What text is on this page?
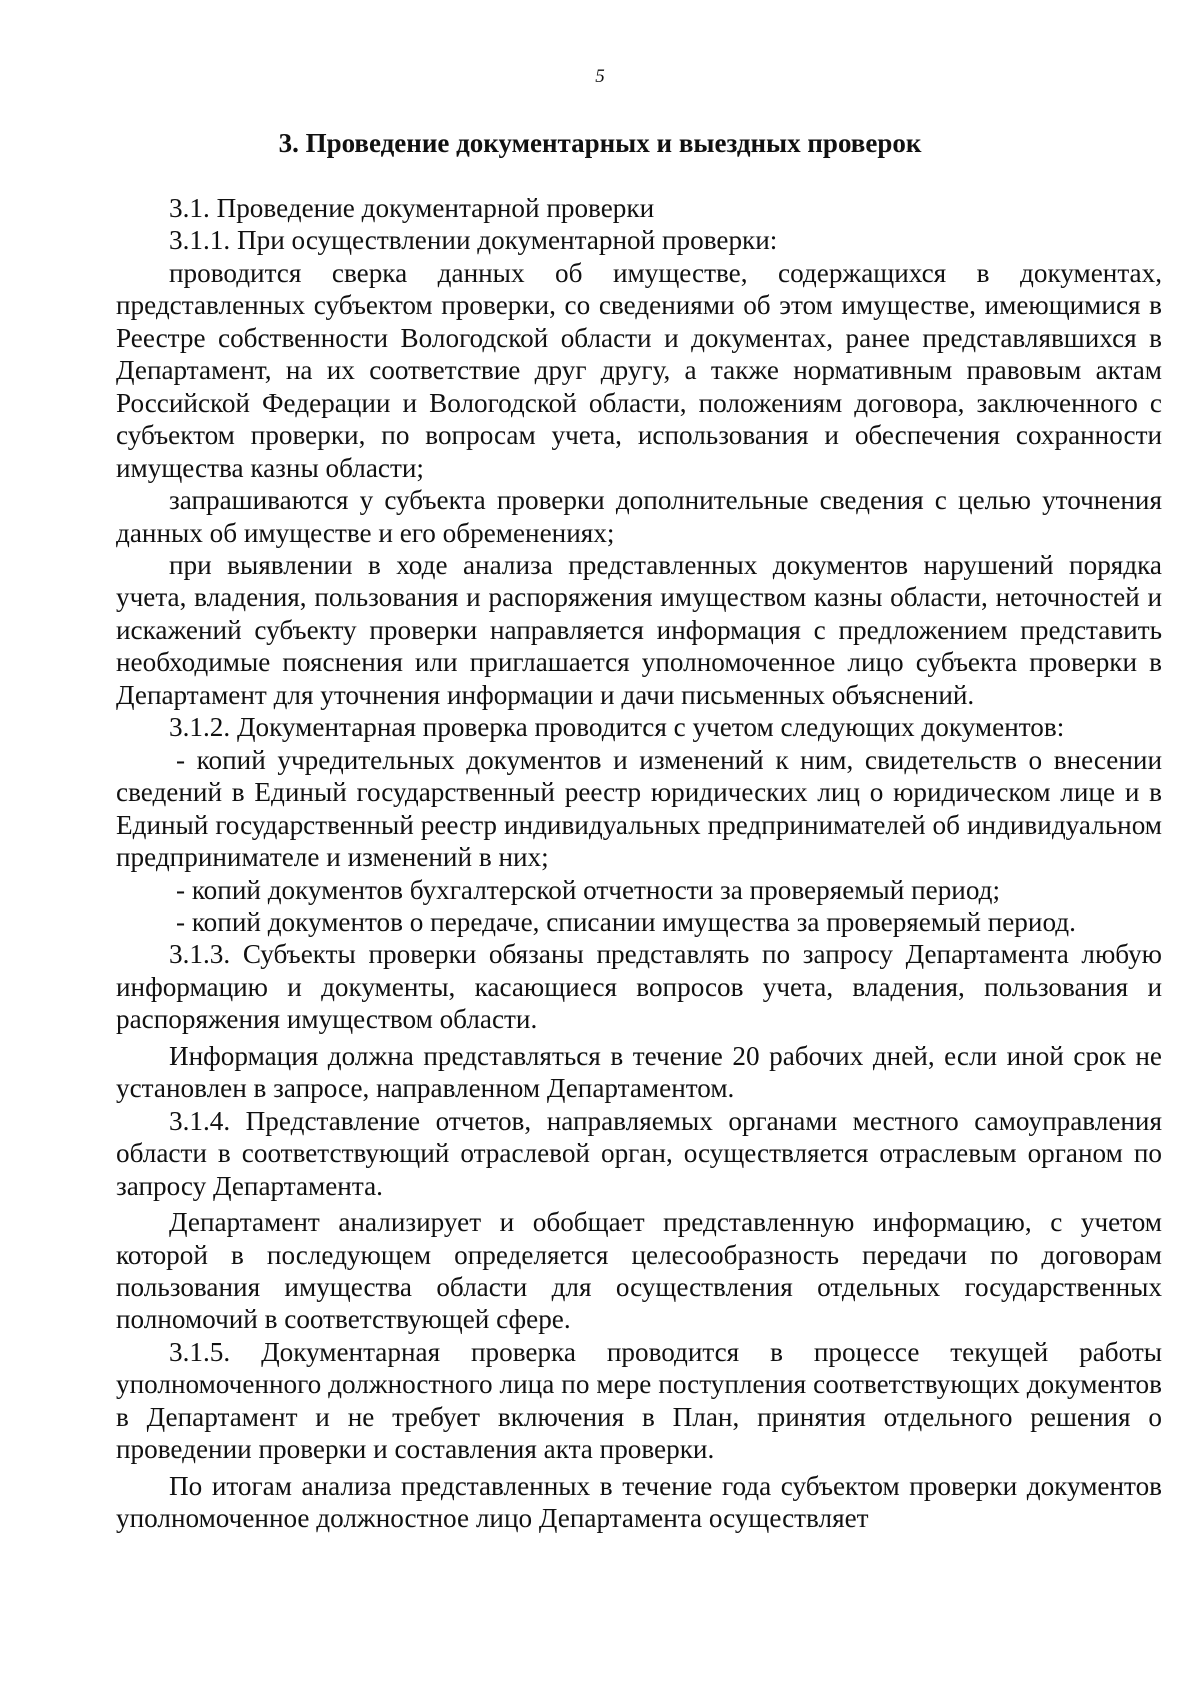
5
3. Проведение документарных и выездных проверок

3.1. Проведение документарной проверки

3.1.1. При осуществлении документарной проверки:

проводится сверка данных об имуществе, содержащихся в документах, представленных субъектом проверки, со сведениями об этом имуществе, имеющимися в Реестре собственности Вологодской области и документах, ранее представлявшихся в Департамент, на их соответствие друг другу, а также нормативным правовым актам Российской Федерации и Вологодской области, положениям договора, заключенного с субъектом проверки, по вопросам учета, использования и обеспечения сохранности имущества казны области;

запрашиваются у субъекта проверки дополнительные сведения с целью уточнения данных об имуществе и его обременениях;

при выявлении в ходе анализа представленных документов нарушений порядка учета, владения, пользования и распоряжения имуществом казны области, неточностей и искажений субъекту проверки направляется информация с предложением представить необходимые пояснения или приглашается уполномоченное лицо субъекта проверки в Департамент для уточнения информации и дачи письменных объяснений.

3.1.2. Документарная проверка проводится с учетом следующих документов:

- копий учредительных документов и изменений к ним, свидетельств о внесении сведений в Единый государственный реестр юридических лиц о юридическом лице и в Единый государственный реестр индивидуальных предпринимателей об индивидуальном предпринимателе и изменений в них;

- копий документов бухгалтерской отчетности за проверяемый период;

- копий документов о передаче, списании имущества за проверяемый период.

3.1.3. Субъекты проверки обязаны представлять по запросу Департамента любую информацию и документы, касающиеся вопросов учета, владения, пользования и распоряжения имуществом области.

Информация должна представляться в течение 20 рабочих дней, если иной срок не установлен в запросе, направленном Департаментом.

3.1.4. Представление отчетов, направляемых органами местного самоуправления области в соответствующий отраслевой орган, осуществляется отраслевым органом по запросу Департамента.

Департамент анализирует и обобщает представленную информацию, с учетом которой в последующем определяется целесообразность передачи по договорам пользования имущества области для осуществления отдельных государственных полномочий в соответствующей сфере.

3.1.5. Документарная проверка проводится в процессе текущей работы уполномоченного должностного лица по мере поступления соответствующих документов в Департамент и не требует включения в План, принятия отдельного решения о проведении проверки и составления акта проверки.

По итогам анализа представленных в течение года субъектом проверки документов уполномоченное должностное лицо Департамента осуществляет
